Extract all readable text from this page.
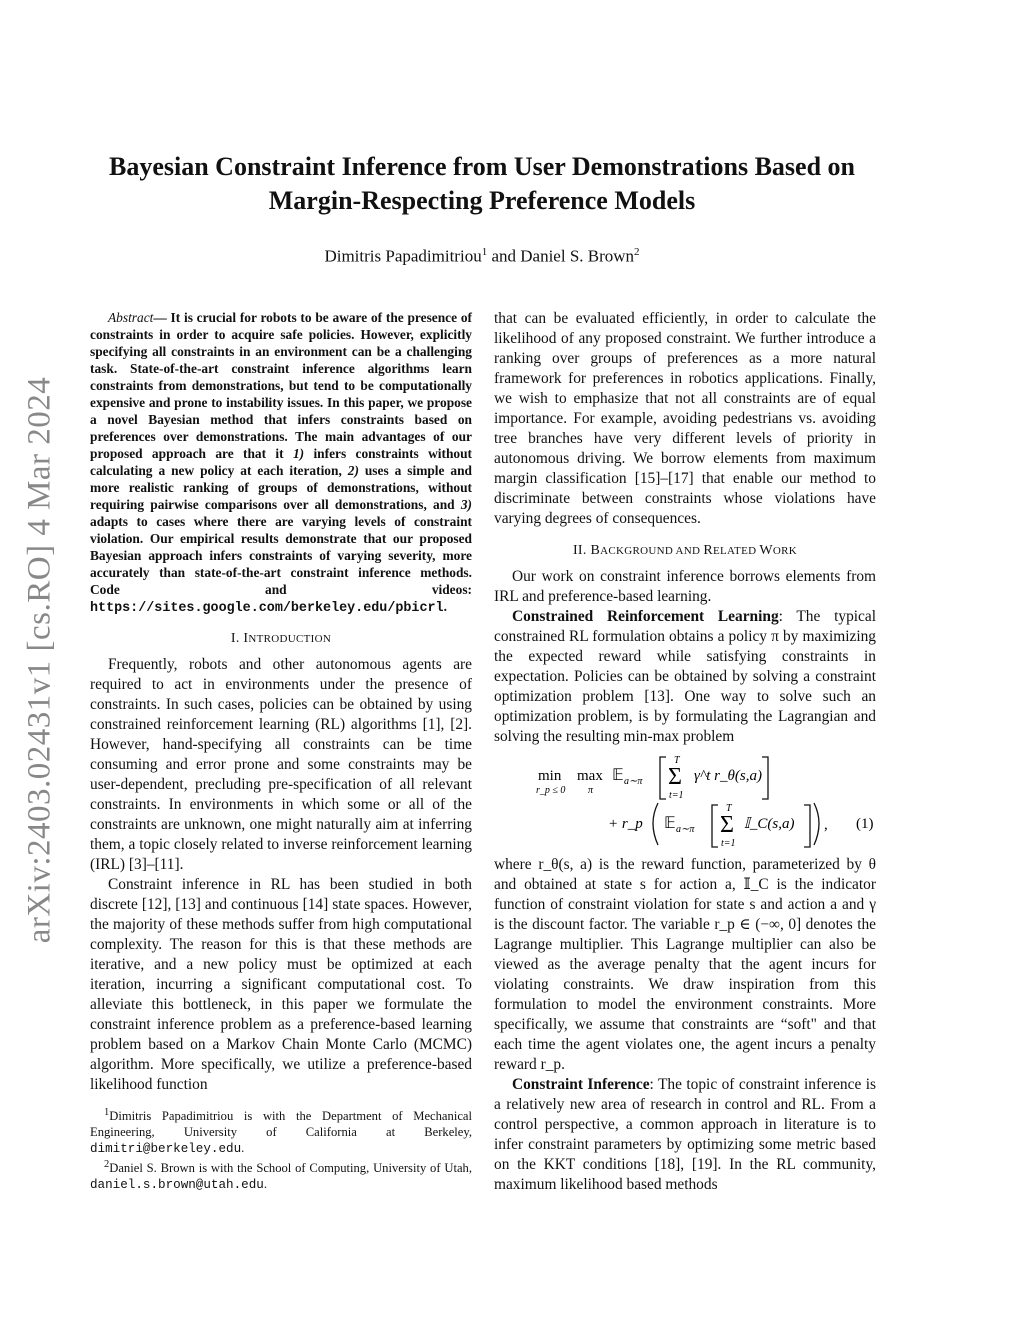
arXiv:2403.02431v1 [cs.RO] 4 Mar 2024
Bayesian Constraint Inference from User Demonstrations Based on
Margin-Respecting Preference Models
Dimitris Papadimitriou$^1$ and Daniel S. Brown$^2$
Abstract— It is crucial for robots to be aware of the presence of constraints in order to acquire safe policies. However, explicitly specifying all constraints in an environment can be a challenging task. State-of-the-art constraint inference algorithms learn constraints from demonstrations, but tend to be computationally expensive and prone to instability issues. In this paper, we propose a novel Bayesian method that infers constraints based on preferences over demonstrations. The main advantages of our proposed approach are that it 1) infers constraints without calculating a new policy at each iteration, 2) uses a simple and more realistic ranking of groups of demonstrations, without requiring pairwise comparisons over all demonstrations, and 3) adapts to cases where there are varying levels of constraint violation. Our empirical results demonstrate that our proposed Bayesian approach infers constraints of varying severity, more accurately than state-of-the-art constraint inference methods. Code and videos: https://sites.google.com/berkeley.edu/pbicrl.
I. INTRODUCTION

Frequently, robots and other autonomous agents are required to act in environments under the presence of constraints. In such cases, policies can be obtained by using constrained reinforcement learning (RL) algorithms [1], [2]. However, hand-specifying all constraints can be time consuming and error prone and some constraints may be user-dependent, precluding pre-specification of all relevant constraints. In environments in which some or all of the constraints are unknown, one might naturally aim at inferring them, a topic closely related to inverse reinforcement learning (IRL) [3]–[11].

Constraint inference in RL has been studied in both discrete [12], [13] and continuous [14] state spaces. However, the majority of these methods suffer from high computational complexity. The reason for this is that these methods are iterative, and a new policy must be optimized at each iteration, incurring a significant computational cost. To alleviate this bottleneck, in this paper we formulate the constraint inference problem as a preference-based learning problem based on a Markov Chain Monte Carlo (MCMC) algorithm. More specifically, we utilize a preference-based likelihood function

$^1$Dimitris Papadimitriou is with the Department of Mechanical Engineering, University of California at Berkeley, dimitri@berkeley.edu.

$^2$Daniel S. Brown is with the School of Computing, University of Utah, daniel.s.brown@utah.edu.

that can be evaluated efficiently, in order to calculate the likelihood of any proposed constraint. We further introduce a ranking over groups of preferences as a more natural framework for preferences in robotics applications. Finally, we wish to emphasize that not all constraints are of equal importance. For example, avoiding pedestrians vs. avoiding tree branches have very different levels of priority in autonomous driving. We borrow elements from maximum margin classification [15]–[17] that enable our method to discriminate between constraints whose violations have varying degrees of consequences.

II. BACKGROUND AND RELATED WORK

Our work on constraint inference borrows elements from IRL and preference-based learning.

Constrained Reinforcement Learning: The typical constrained RL formulation obtains a policy π by maximizing the expected reward while satisfying constraints in expectation. Policies can be obtained by solving a constraint optimization problem [13]. One way to solve such an optimization problem, is by formulating the Lagrangian and solving the resulting min-max problem

min
r_p ≤ 0
max
π
𝔼 a∼π
T
Σ
t=1
γ^t r_θ(s,a)
+ r_p 𝔼 a∼π
T
Σ
t=1
𝕀_C(s,a) , (1)

where r_θ(s, a) is the reward function, parameterized by θ and obtained at state s for action a, 𝕀_C is the indicator function of constraint violation for state s and action a and γ is the discount factor. The variable r_p ∈ (−∞, 0] denotes the Lagrange multiplier. This Lagrange multiplier can also be viewed as the average penalty that the agent incurs for violating constraints. We draw inspiration from this formulation to model the environment constraints. More specifically, we assume that constraints are “soft" and that each time the agent violates one, the agent incurs a penalty reward r_p.

Constraint Inference: The topic of constraint inference is a relatively new area of research in control and RL. From a control perspective, a common approach in literature is to infer constraint parameters by optimizing some metric based on the KKT conditions [18], [19]. In the RL community, maximum likelihood based methods
